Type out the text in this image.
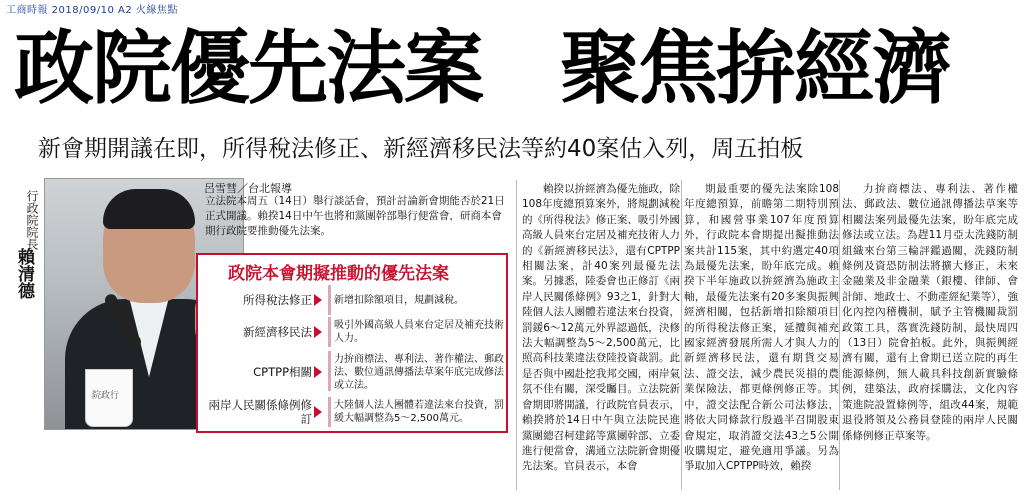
工商時報 2018/09/10 A2 火線焦點
政院優先法案　聚焦拚經濟
新會期開議在即，所得稅法修正、新經濟移民法等約40案估入列，周五拍板
行政院院長
賴清德
院政行
呂雪彗／台北報導
立法院本周五（14日）舉行談話會，預計討論新會期能否於21日正式開議。賴揆14日中午也將和黨團幹部舉行便當會，研商本會期行政院要推動優先法案。
政院本會期擬推動的優先法案
所得稅法修正	新增扣除額項目，規劃減稅。
新經濟移民法	吸引外國高級人員來台定居及補充技術人力。
CPTPP相關
力拚商標法、專利法、著作權法、郵政法、數位通訊傳播法草案年底完成修法或立法。
兩岸人民關係條例修訂
大陸個人法人團體若違法來台投資，罰緩大幅調整為5～2,500萬元。

賴揆以拚經濟為優先施政，除108年度總預算案外，將規劃減稅的《所得稅法》修正案、吸引外國高級人員來台定居及補充技術人力的《新經濟移民法》，還有CPTPP相關法案，計40案列最優先法案。另據悉，陸委會也正修訂《兩岸人民關係條例》93之1，針對大陸個人法人團體若違法來台投資，罰鍰6～12萬元外界認過低，決修法大幅調整為5～2,500萬元，比照高科技業違法登陸投資裁罰。此是否與中國赴挖我邦交國，兩岸氣氛不佳有關，深受矚目。立法院新會期即將開議，行政院官員表示，賴揆將於14日中午與立法院民進黨團總召柯建銘等黨團幹部、立委進行便當會，溝通立法院新會期優先法案。官員表示，本會

期最重要的優先法案除108年度總預算，前瞻第二期特別預算，和國營事業107年度預算外，行政院本會期提出擬推動法案共計115案，其中約選定40項為最優先法案，盼年底完成。賴揆下半年施政以拚經濟為施政主軸，最優先法案有20多案與振興經濟相關，包括新增扣除額項目的所得稅法修正案，延攬與補充國家經濟發展所需人才與人力的新經濟移民法，還有期貨交易法、證交法，減少農民災損的農業保險法，都更條例修正等。其中，證交法配合新公司法修法，將依大同條款行殷過半召開股東會規定，取消證交法43之5公開收購規定，避免適用爭議。另為爭取加入CPTPP時效，賴揆

力拚商標法、專利法、著作權法、郵政法、數位通訊傳播法草案等相關法案列最優先法案，盼年底完成修法或立法。為趕11月亞太洗錢防制組織來台第三輪評鑑過關，洗錢防制條例及資恐防制法將擴大修正，未來金融業及非金融業（銀樓、律師、會計師、地政士、不動產經紀業等），強化內控內稽機制，賦予主管機關裁罰政策工具，落實洗錢防制，最快周四（13日）院會拍板。此外，與振興經濟有關，還有上會期已送立院的再生能源條例，無人載具科技創新實驗條例，建築法，政府採購法，文化內容策進院設置條例等，組改44案，規範退役將領及公務員登陸的兩岸人民關係條例修正草案等。
